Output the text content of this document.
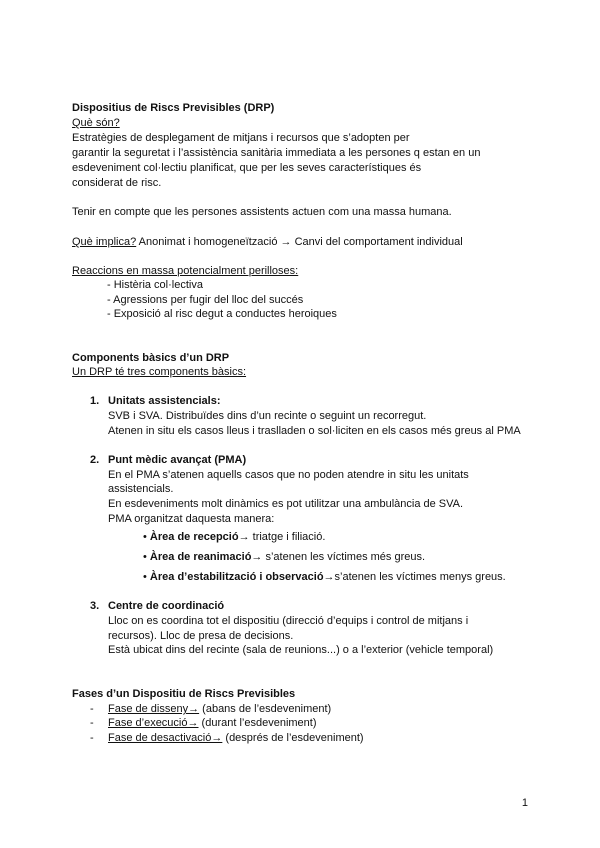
Dispositius de Riscs Previsibles (DRP)
Què són?
Estratègies de desplegament de mitjans i recursos que s’adopten per
garantir la seguretat i l’assistència sanitària immediata a les persones q estan en un
esdeveniment col·lectiu planificat, que per les seves característiques és
considerat de risc.
Tenir en compte que les persones assistents actuen com una massa humana.
Què implica? Anonimat i homogeneïtzació → Canvi del comportament individual
Reaccions en massa potencialment perilloses:
- Histèria col·lectiva
- Agressions per fugir del lloc del succés
- Exposició al risc degut a conductes heroiques
Components bàsics d’un DRP
Un DRP té tres components bàsics:
1. Unitats assistencials:
SVB i SVA. Distribuïdes dins d’un recinte o seguint un recorregut.
Atenen in situ els casos lleus i traslladen o sol·liciten en els casos més greus al PMA
2. Punt mèdic avançat (PMA)
En el PMA s’atenen aquells casos que no poden atendre in situ les unitats
assistencials.
En esdeveniments molt dinàmics es pot utilitzar una ambulància de SVA.
PMA organitzat daquesta manera:
• Àrea de recepció→ triatge i filiació.
• Àrea de reanimació→ s’atenen les víctimes més greus.
• Àrea d’estabilització i observació→s’atenen les víctimes menys greus.
3. Centre de coordinació
Lloc on es coordina tot el dispositiu (direcció d’equips i control de mitjans i
recursos). Lloc de presa de decisions.
Està ubicat dins del recinte (sala de reunions...) o a l’exterior (vehicle temporal)
Fases d’un Dispositiu de Riscs Previsibles
- Fase de disseny→ (abans de l’esdeveniment)
- Fase d’execució→ (durant l’esdeveniment)
- Fase de desactivació→ (després de l’esdeveniment)
1
